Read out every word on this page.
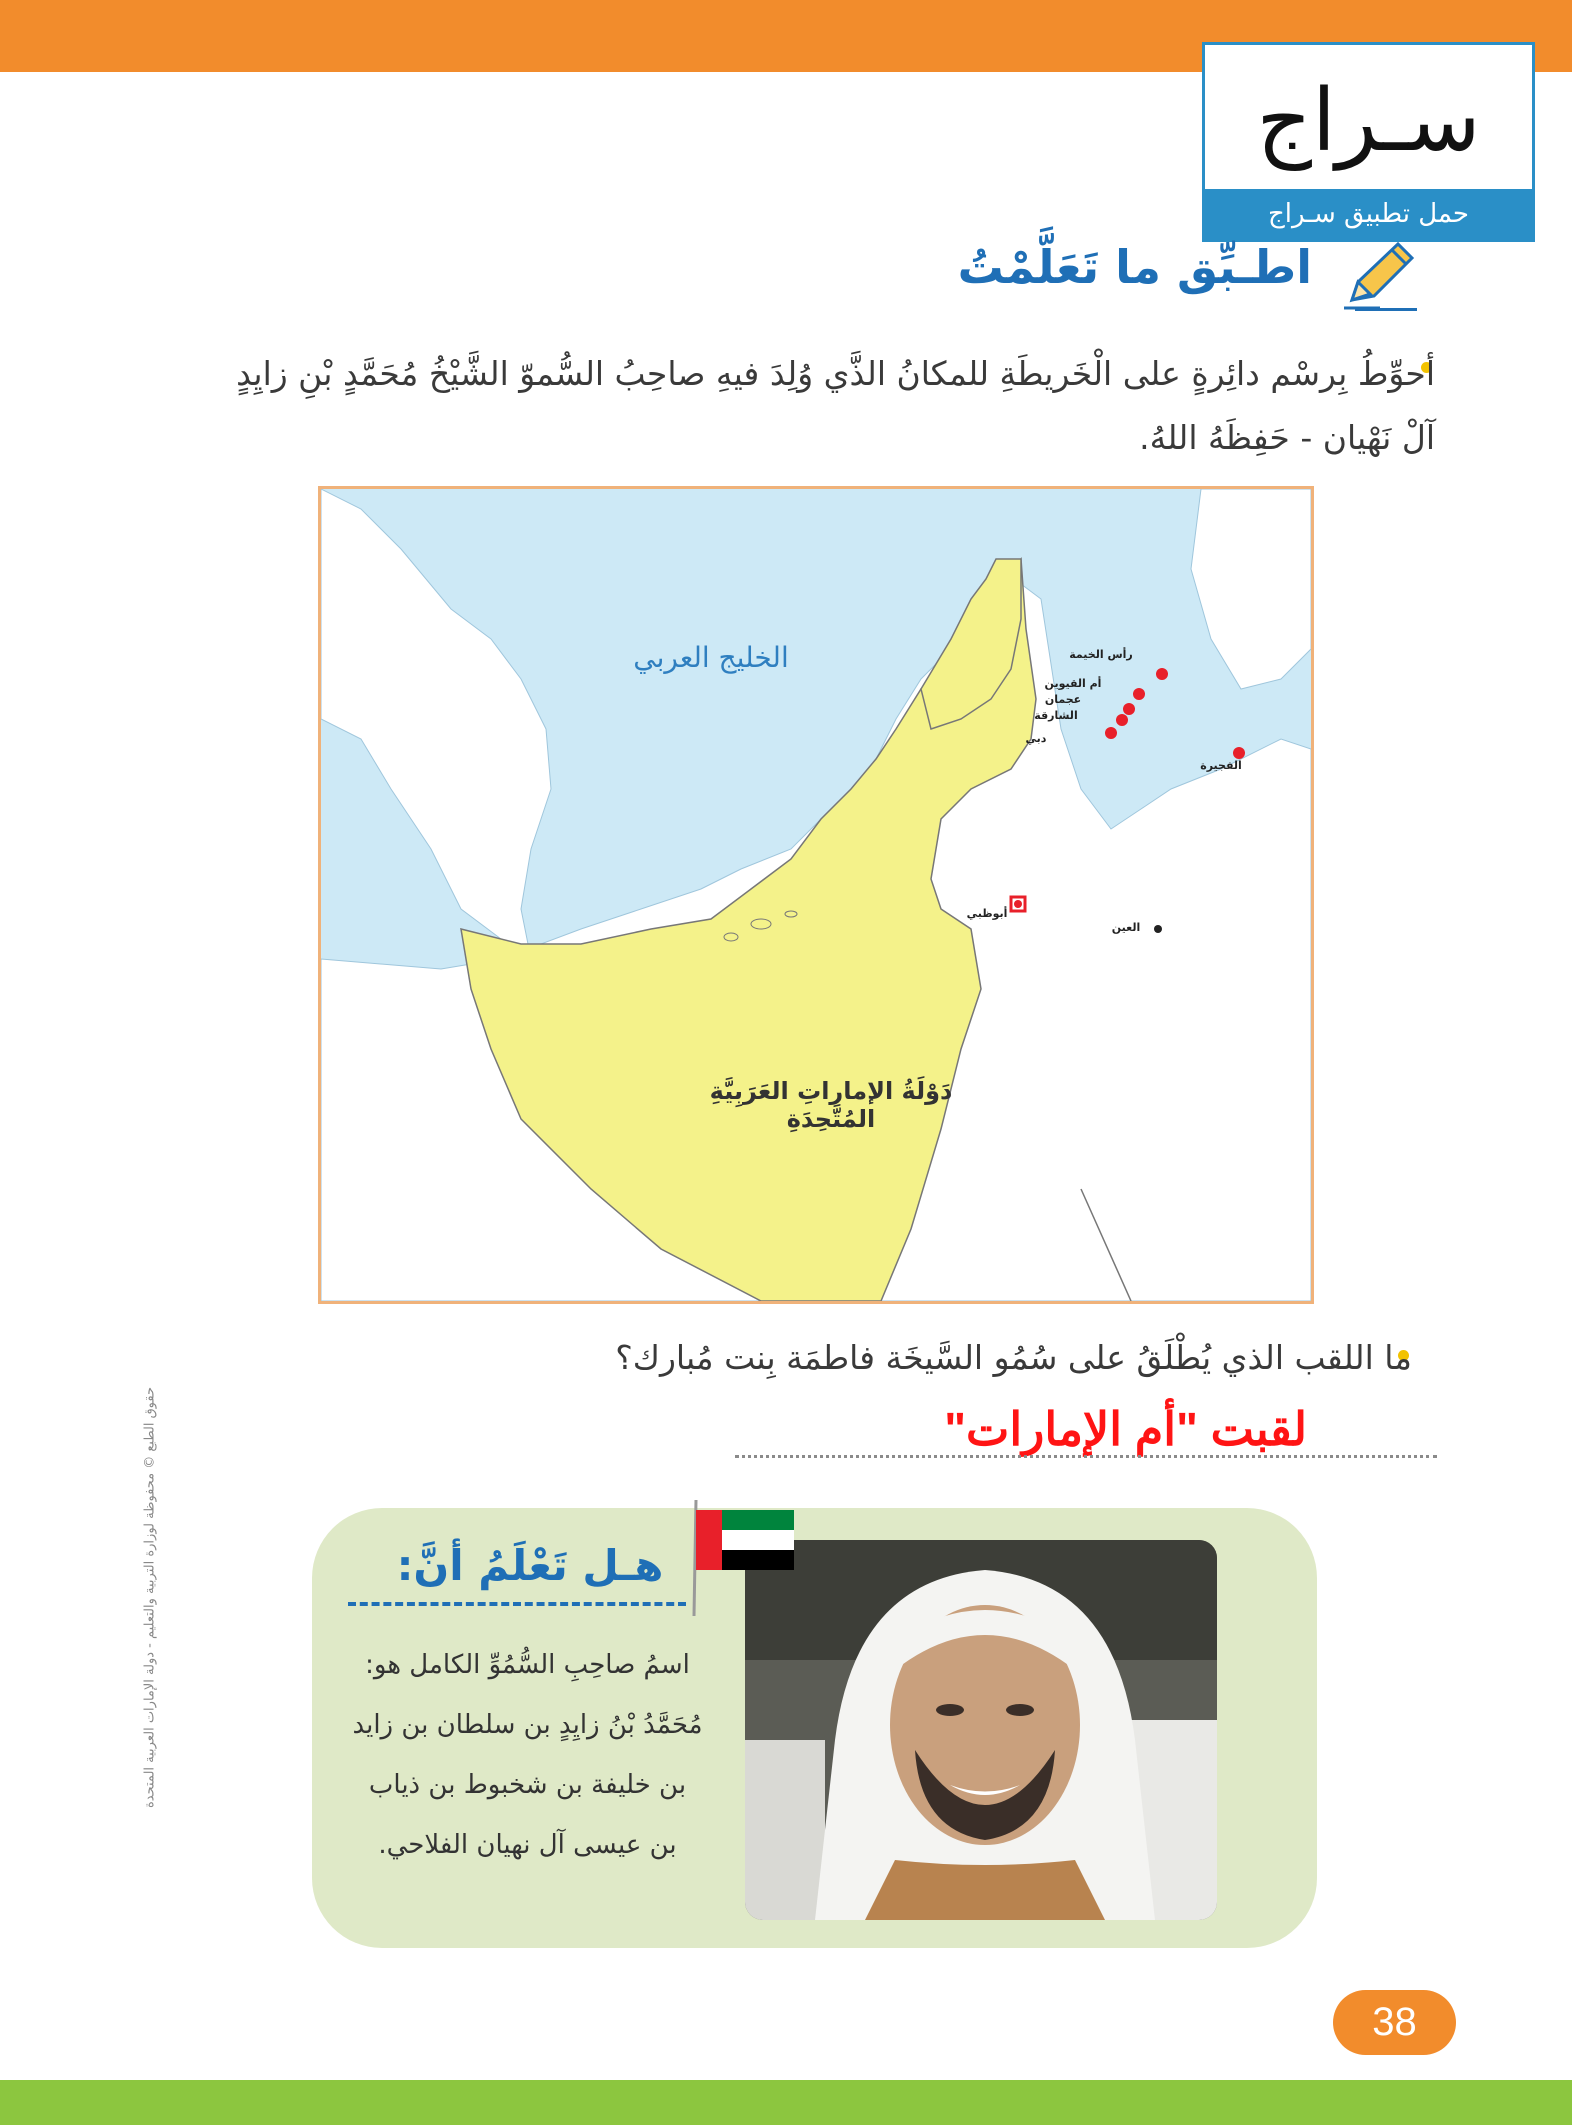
سـراج
حمل تطبيق سـراج
اطـبِّق ما تَعَلَّمْتُ
أحوِّطُ بِرسْم دائِرةٍ على الْخَريطَةِ للمكانُ الذَّي وُلِدَ فيهِ صاحِبُ السُّموّ الشَّيْخُ مُحَمَّدٍ بْنِ زايِدٍ آلْ نَهْيان - حَفِظَهُ اللهُ.
الخليج العربي
دَوْلَةُ الإماراتِ العَرَبِيَّةِ المُتَّحِدَةِ
رأس الخيمة
أم القيوين
عجمان
الشارقة
دبي
الفجيرة
أبوظبي
العين
حقوق الطبع © محفوظة لوزارة التربية والتعليم - دولة الإمارات العربية المتحدة
ما اللقب الذي يُطْلَقُ على سُمُو السَّيخَة فاطمَة بِنت مُبارك؟
لقبت "أم الإمارات"
هـل تَعْلَمُ أنَّ:
اسمُ صاحِبِ السُّمُوِّ الكامل هو:
مُحَمَّدُ بْنُ زايِدٍ بن سلطان بن زايد
بن خليفة بن شخبوط بن ذياب
بن عيسى آل نهيان الفلاحي.
38
